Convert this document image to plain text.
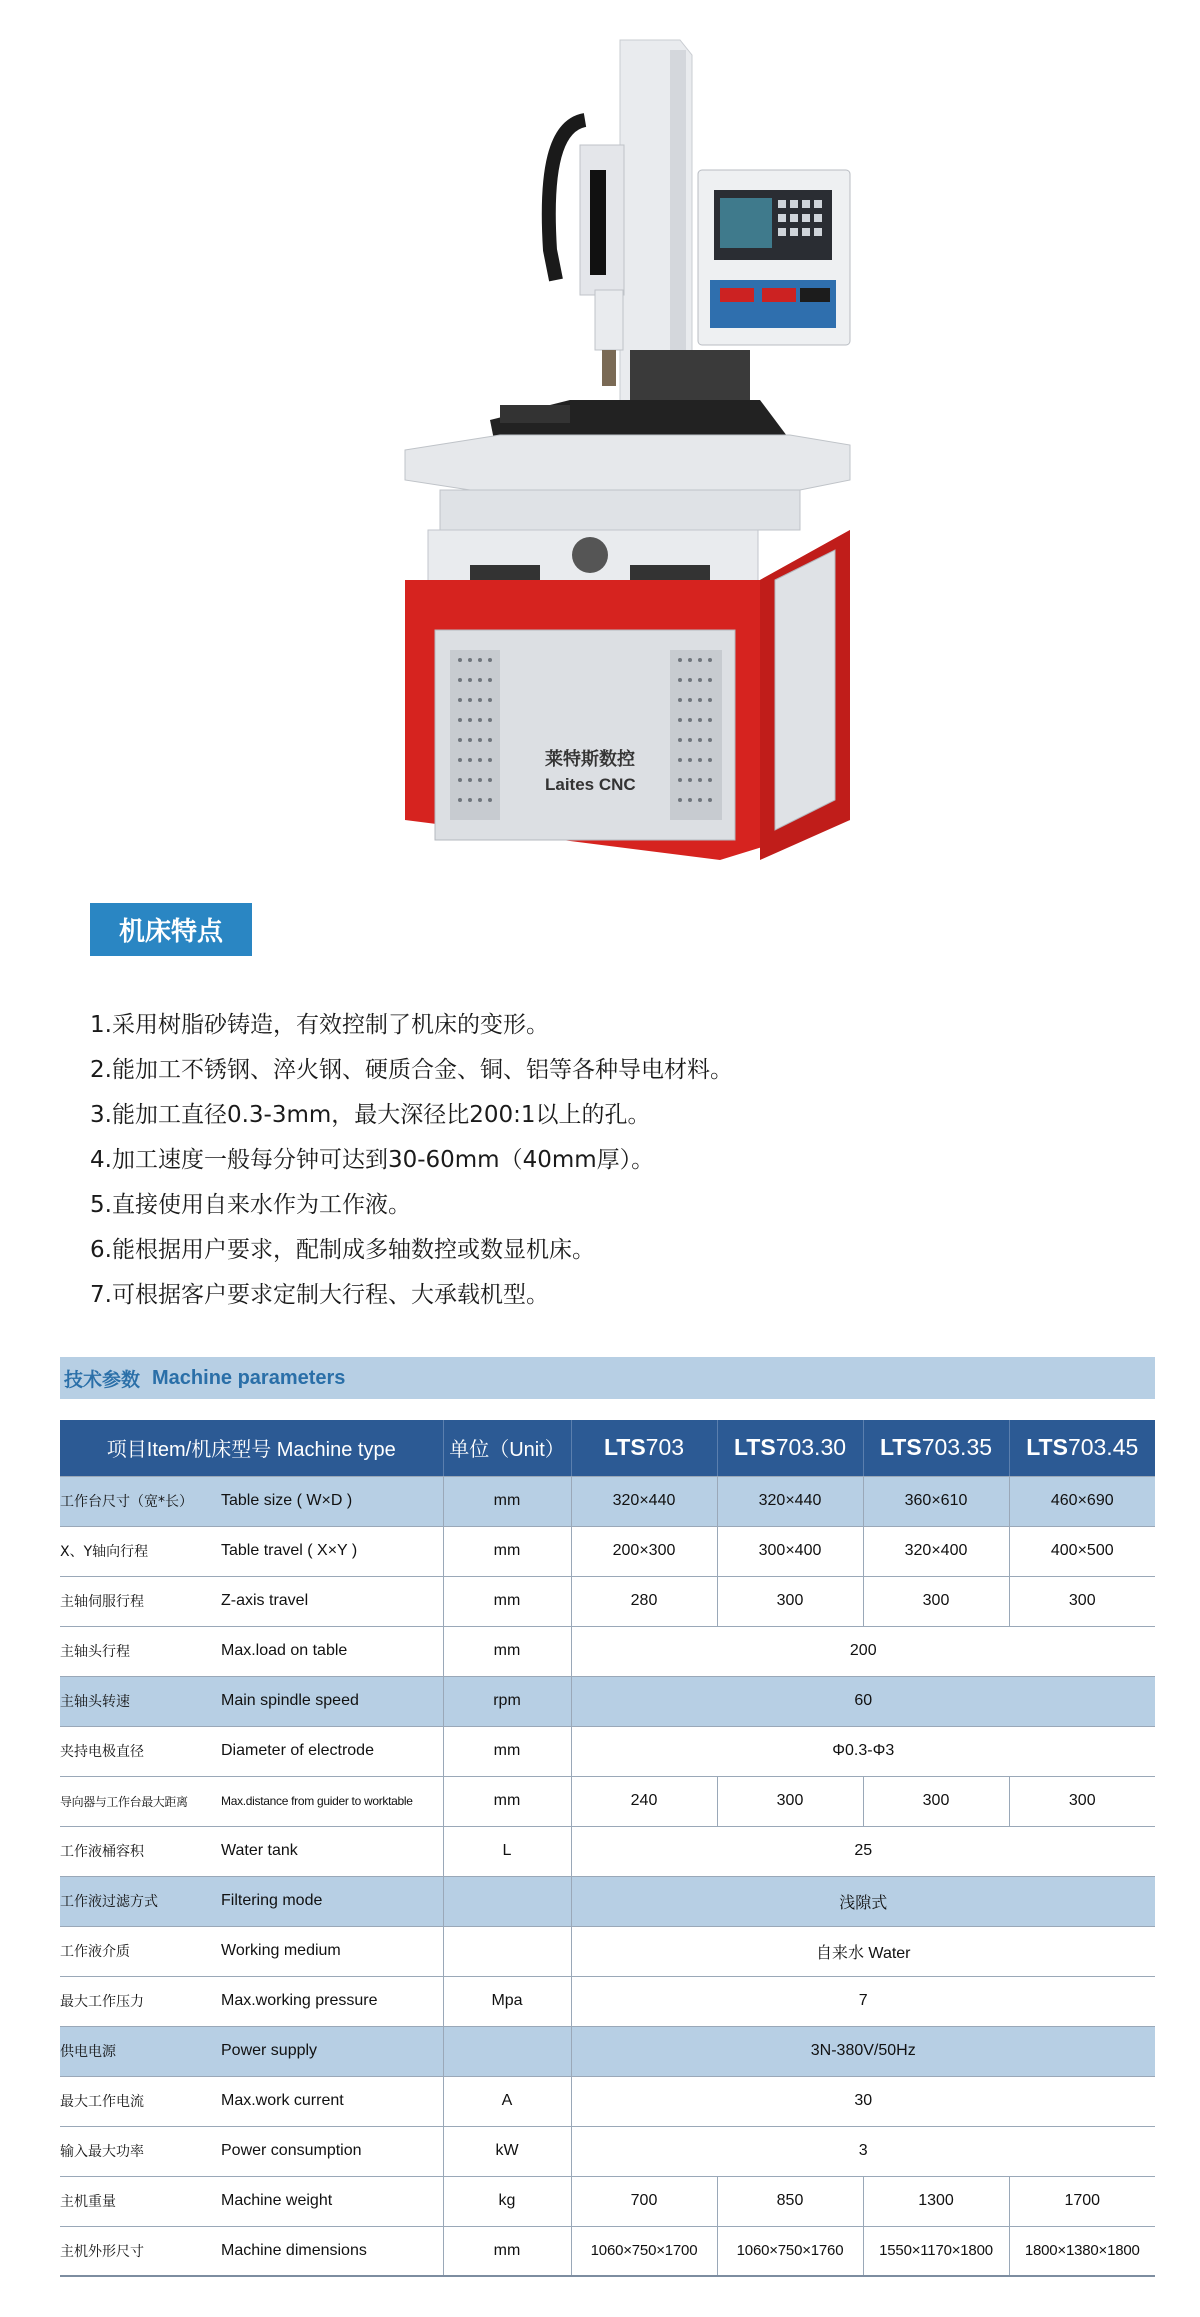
莱特斯数控
Laites CNC
机床特点
1.采用树脂砂铸造，有效控制了机床的变形。
2.能加工不锈钢、淬火钢、硬质合金、铜、铝等各种导电材料。
3.能加工直径0.3-3mm，最大深径比200:1以上的孔。
4.加工速度一般每分钟可达到30-60mm（40mm厚）。
5.直接使用自来水作为工作液。
6.能根据用户要求，配制成多轴数控或数显机床。
7.可根据客户要求定制大行程、大承载机型。
技术参数 Machine parameters
项目Item/机床型号 Machine type		单位（Unit）	LTS703	LTS703.30	LTS703.35	LTS703.45
工作台尺寸（宽*长）	Table size ( W×D )	mm	320×440	320×440	360×610	460×690
X、Y轴向行程	Table travel ( X×Y )	mm	200×300	300×400	320×400	400×500
主轴伺服行程	Z-axis travel	mm	280	300	300	300
主轴头行程	Max.load on table	mm	200			
主轴头转速	Main spindle speed	rpm	60			
夹持电极直径	Diameter of electrode	mm	Φ0.3-Φ3			
导向器与工作台最大距离	Max.distance from guider to worktable	mm	240	300	300	300
工作液桶容积	Water tank	L	25			
工作液过滤方式	Filtering mode		浅隙式			
工作液介质	Working medium		自来水 Water			
最大工作压力	Max.working pressure	Mpa	7			
供电电源	Power supply		3N-380V/50Hz			
最大工作电流	Max.work current	A	30			
输入最大功率	Power consumption	kW	3			
主机重量	Machine weight	kg	700	850	1300	1700
主机外形尺寸	Machine dimensions	mm	1060×750×1700	1060×750×1760	1550×1170×1800	1800×1380×1800
